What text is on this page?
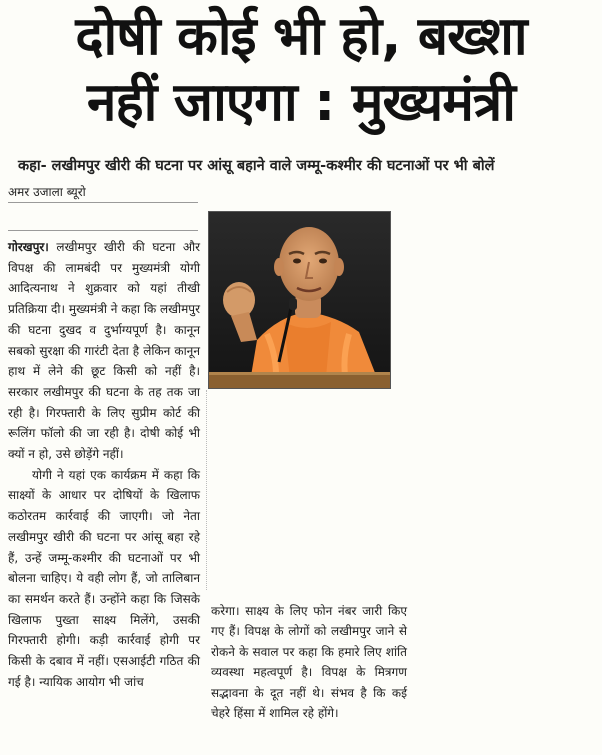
दोषी कोई भी हो, बख्शा
नहीं जाएगा : मुख्यमंत्री
कहा- लखीमपुर खीरी की घटना पर आंसू बहाने वाले जम्मू-कश्मीर की घटनाओं पर भी बोलें
अमर उजाला ब्यूरो

गोरखपुर। लखीमपुर खीरी की घटना और विपक्ष की लामबंदी पर मुख्यमंत्री योगी आदित्यनाथ ने शुक्रवार को यहां तीखी प्रतिक्रिया दी। मुख्यमंत्री ने कहा कि लखीमपुर की घटना दुखद व दुर्भाग्यपूर्ण है। कानून सबको सुरक्षा की गारंटी देता है लेकिन कानून हाथ में लेने की छूट किसी को नहीं है। सरकार लखीमपुर की घटना के तह तक जा रही है। गिरफ्तारी के लिए सुप्रीम कोर्ट की रूलिंग फॉलो की जा रही है। दोषी कोई भी क्यों न हो, उसे छोड़ेंगे नहीं।

योगी ने यहां एक कार्यक्रम में कहा कि साक्ष्यों के आधार पर दोषियों के खिलाफ कठोरतम कार्रवाई की जाएगी। जो नेता लखीमपुर खीरी की घटना पर आंसू बहा रहे हैं, उन्हें जम्मू-कश्मीर की घटनाओं पर भी बोलना चाहिए। ये वही लोग हैं, जो तालिबान का समर्थन करते हैं। उन्होंने कहा कि जिसके खिलाफ पुख्ता साक्ष्य मिलेंगे, उसकी गिरफ्तारी होगी। कड़ी कार्रवाई होगी पर किसी के दबाव में नहीं। एसआईटी गठित की गई है। न्यायिक आयोग भी जांच

करेगा। साक्ष्य के लिए फोन नंबर जारी किए गए हैं। विपक्ष के लोगों को लखीमपुर जाने से रोकने के सवाल पर कहा कि हमारे लिए शांति व्यवस्था महत्वपूर्ण है। विपक्ष के मित्रगण सद्भावना के दूत नहीं थे। संभव है कि कई चेहरे हिंसा में शामिल रहे होंगे।
